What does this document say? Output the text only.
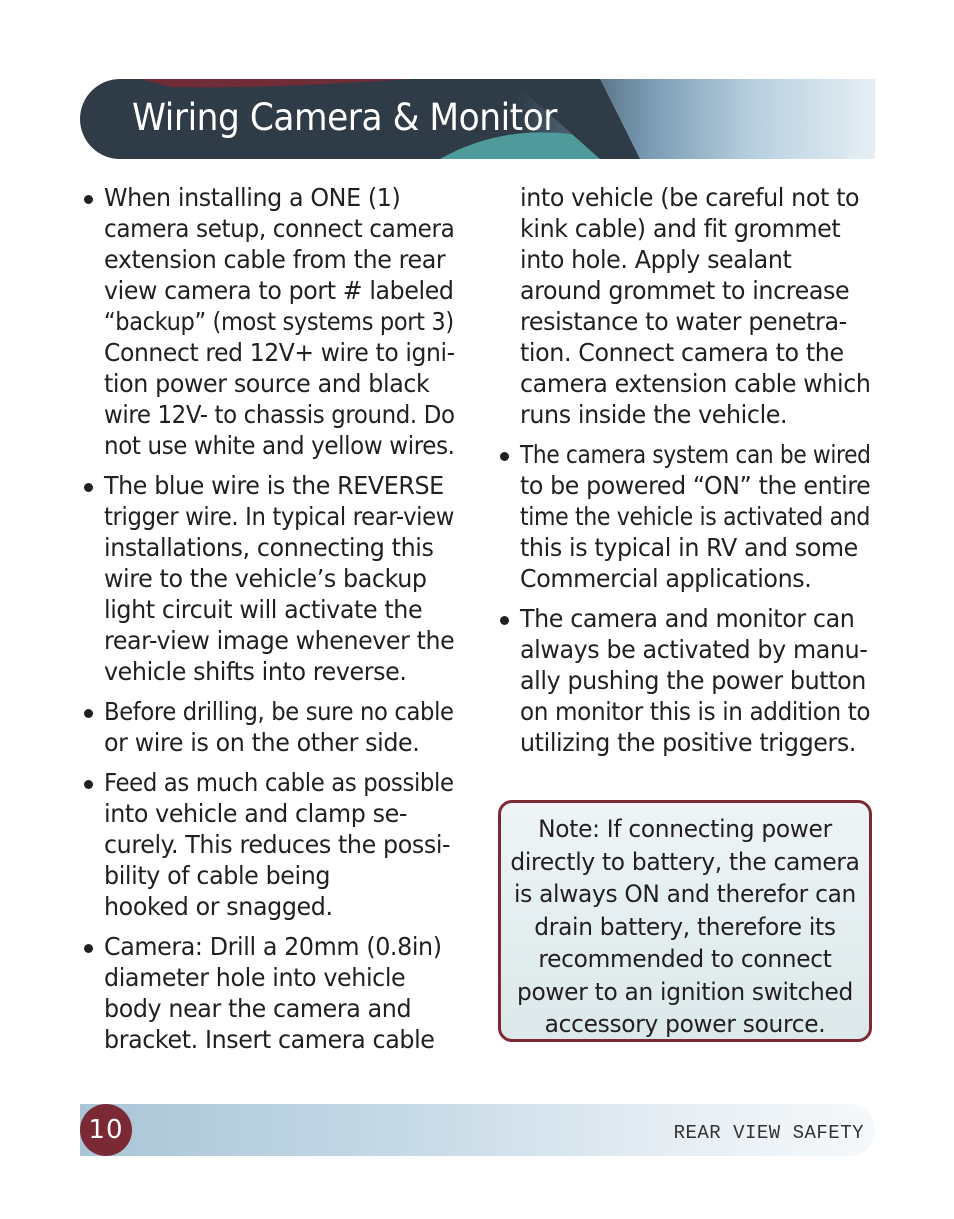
Wiring Camera & Monitor
When installing a ONE (1)
camera setup, connect camera
extension cable from the rear
view camera to port # labeled
“backup” (most systems port 3)
Connect red 12V+ wire to igni-
tion power source and black
wire 12V- to chassis ground. Do
not use white and yellow wires.
The blue wire is the REVERSE
trigger wire. In typical rear-view
installations, connecting this
wire to the vehicle’s backup
light circuit will activate the
rear-view image whenever the
vehicle shifts into reverse.
Before drilling, be sure no cable
or wire is on the other side.
Feed as much cable as possible
into vehicle and clamp se-
curely. This reduces the possi-
bility of cable being
hooked or snagged.
Camera: Drill a 20mm (0.8in)
diameter hole into vehicle
body near the camera and
bracket. Insert camera cable
into vehicle (be careful not to
kink cable) and fit grommet
into hole. Apply sealant
around grommet to increase
resistance to water penetra-
tion. Connect camera to the
camera extension cable which
runs inside the vehicle.
The camera system can be wired
to be powered “ON” the entire
time the vehicle is activated and
this is typical in RV and some
Commercial applications.
The camera and monitor can
always be activated by manu-
ally pushing the power button
on monitor this is in addition to
utilizing the positive triggers.
Note: If connecting power
directly to battery, the camera
is always ON and therefor can
drain battery, therefore its
recommended to connect
power to an ignition switched
accessory power source.
10	REAR VIEW SAFETY
